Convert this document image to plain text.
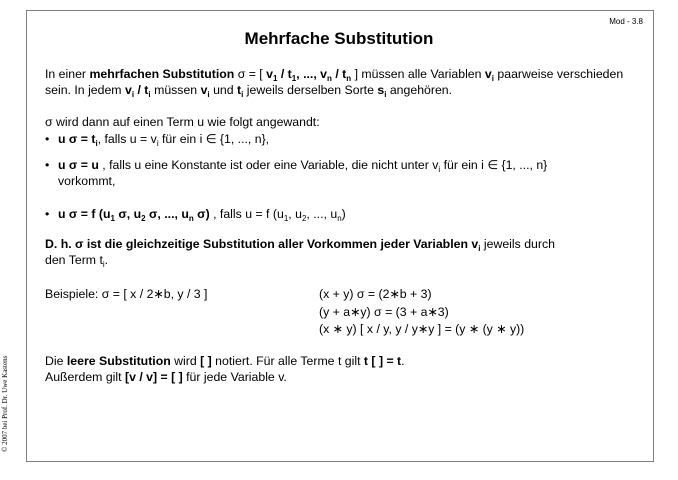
Mod - 3.8
Mehrfache Substitution
In einer mehrfachen Substitution σ = [ $v_1 / t_1$, ..., $v_n / t_n$ ] müssen alle Variablen $v_i$ paarweise verschieden sein. In jedem $v_i / t_i$ müssen $v_i$ und $t_i$ jeweils derselben Sorte $s_i$ angehören.
σ wird dann auf einen Term u wie folgt angewandt:
• u $\sigma = t_i$, falls $u = v_i$ für ein i ∈ {1, ..., n},
• u σ = u , falls u eine Konstante ist oder eine Variable, die nicht unter $v_i$ für ein i ∈ {1, ..., n}
vorkommt,
• u σ = f ($u_1$ σ, $u_2$ σ, ..., $u_n$ σ) , falls u = f ($u_1$, $u_2$, ..., $u_n$)
D. h. σ ist die gleichzeitige Substitution aller Vorkommen jeder Variablen $v_i$ jeweils durch
den Term $t_i$.
Beispiele: σ = [ x / 2∗b, y / 3 ]	(x + y) σ = (2∗b + 3)
(y + a∗y) σ = (3 + a∗3)
(x ∗ y) [ x / y, y / y∗y ] = (y ∗ (y ∗ y))
Die leere Substitution wird [ ] notiert. Für alle Terme t gilt t [ ] = t.
Außerdem gilt [v / v] = [ ] für jede Variable v.
© 2007 bei Prof. Dr. Uwe Kastens
